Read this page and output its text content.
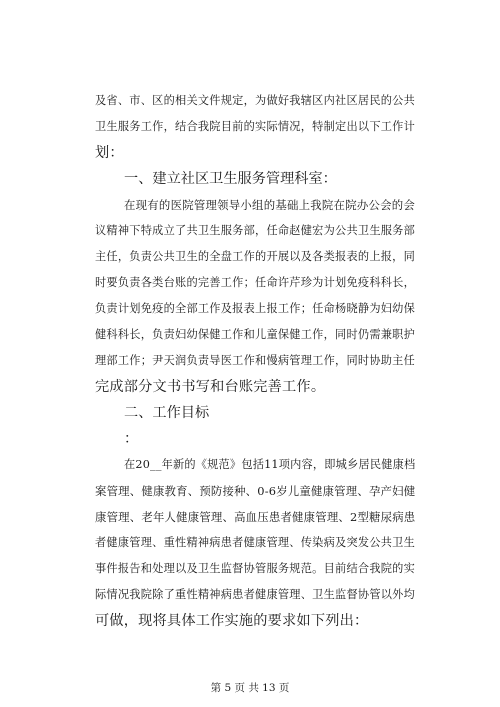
及省、市、区的相关文件规定，为做好我辖区内社区居民的公共
卫生服务工作，结合我院目前的实际情况，特制定出以下工作计
划：
一、建立社区卫生服务管理科室：
在现有的医院管理领导小组的基础上我院在院办公会的会
议精神下特成立了共卫生服务部，任命赵健宏为公共卫生服务部
主任，负责公共卫生的全盘工作的开展以及各类报表的上报，同
时要负责各类台账的完善工作；任命许芹珍为计划免疫科科长，
负责计划免疫的全部工作及报表上报工作；任命杨晓静为妇幼保
健科科长，负责妇幼保健工作和儿童保健工作，同时仍需兼职护
理部工作；尹天润负责导医工作和慢病管理工作，同时协助主任
完成部分文书书写和台账完善工作。
二、工作目标
：
在20__年新的《规范》包括11项内容，即城乡居民健康档
案管理、健康教育、预防接种、0-6岁儿童健康管理、孕产妇健
康管理、老年人健康管理、高血压患者健康管理、2型糖尿病患
者健康管理、重性精神病患者健康管理、传染病及突发公共卫生
事件报告和处理以及卫生监督协管服务规范。目前结合我院的实
际情况我院除了重性精神病患者健康管理、卫生监督协管以外均
可做，现将具体工作实施的要求如下列出：
第 5 页 共 13 页
